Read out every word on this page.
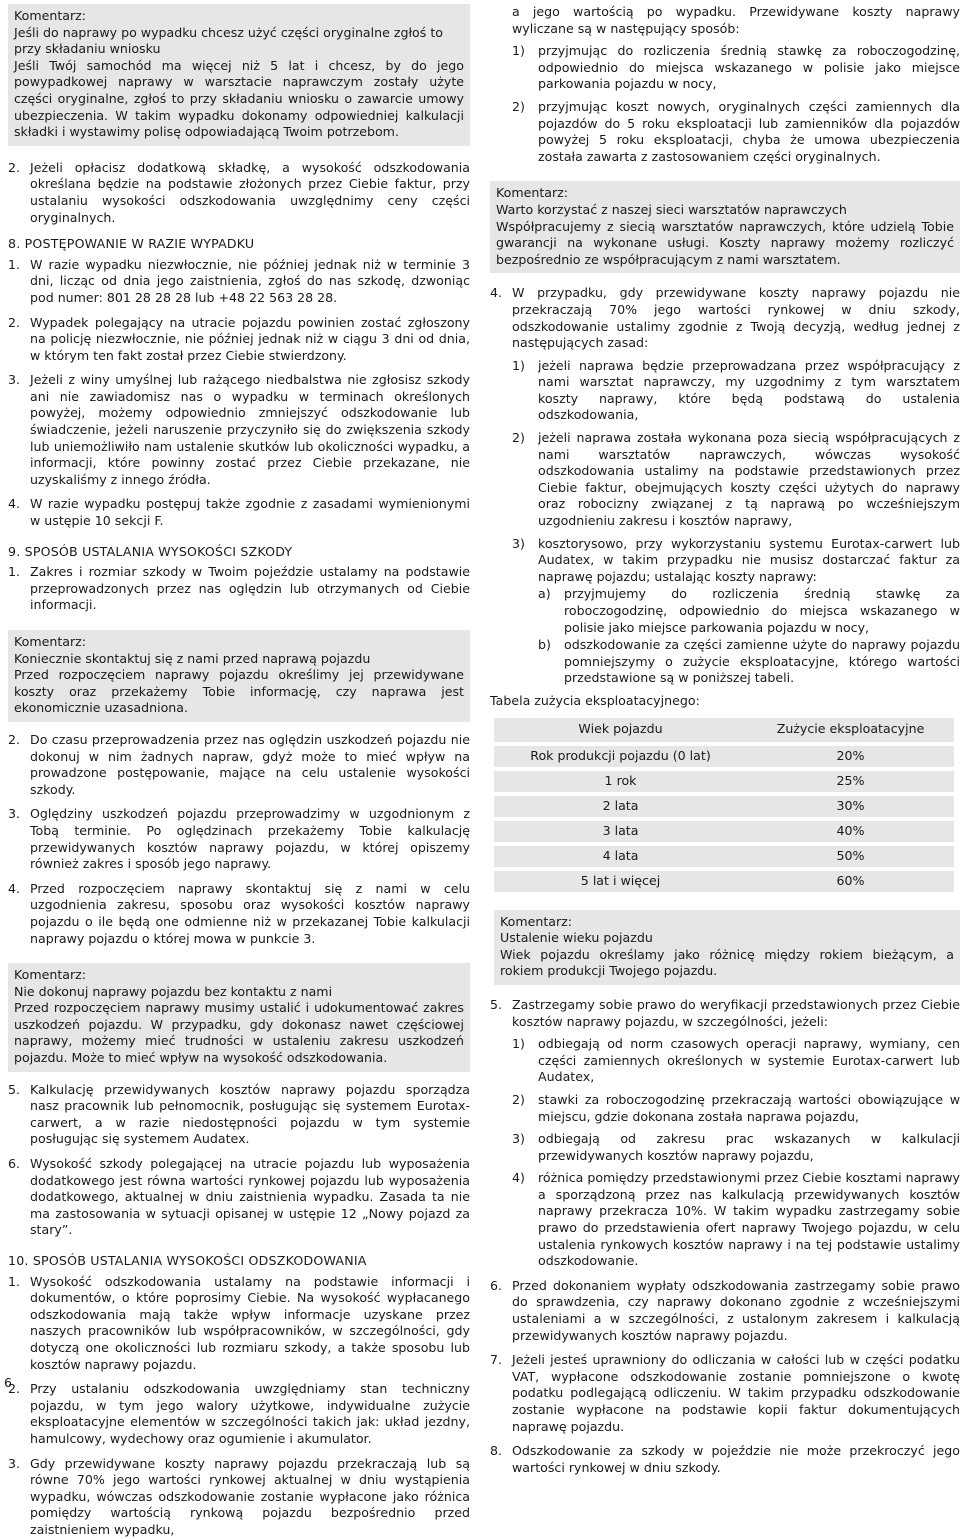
Komentarz:
Jeśli do naprawy po wypadku chcesz użyć części oryginalne zgłoś to przy składaniu wniosku

Jeśli Twój samochód ma więcej niż 5 lat i chcesz, by do jego powypadkowej naprawy w warsztacie naprawczym zostały użyte części oryginalne, zgłoś to przy składaniu wniosku o zawarcie umowy ubezpieczenia. W takim wypadku dokonamy odpowiedniej kalkulacji składki i wystawimy polisę odpowiadającą Twoim potrzebom.

2. Jeżeli opłacisz dodatkową składkę, a wysokość odszkodowania określana będzie na podstawie złożonych przez Ciebie faktur, przy ustalaniu wysokości odszkodowania uwzględnimy ceny części oryginalnych.
8. POSTĘPOWANIE W RAZIE WYPADKU
1. W razie wypadku niezwłocznie, nie później jednak niż w terminie 3 dni, licząc od dnia jego zaistnienia, zgłoś do nas szkodę, dzwoniąc pod numer: 801 28 28 28 lub +48 22 563 28 28.
2. Wypadek polegający na utracie pojazdu powinien zostać zgłoszony na policję niezwłocznie, nie później jednak niż w ciągu 3 dni od dnia, w którym ten fakt został przez Ciebie stwierdzony.
3. Jeżeli z winy umyślnej lub rażącego niedbalstwa nie zgłosisz szkody ani nie zawiadomisz nas o wypadku w terminach określonych powyżej, możemy odpowiednio zmniejszyć odszkodowanie lub świadczenie, jeżeli naruszenie przyczyniło się do zwiększenia szkody lub uniemożliwiło nam ustalenie skutków lub okoliczności wypadku, a informacji, które powinny zostać przez Ciebie przekazane, nie uzyskaliśmy z innego źródła.
4. W razie wypadku postępuj także zgodnie z zasadami wymienionymi w ustępie 10 sekcji F.
9. SPOSÓB USTALANIA WYSOKOŚCI SZKODY
1. Zakres i rozmiar szkody w Twoim pojeździe ustalamy na podstawie przeprowadzonych przez nas oględzin lub otrzymanych od Ciebie informacji.
Komentarz:
Koniecznie skontaktuj się z nami przed naprawą pojazdu

Przed rozpoczęciem naprawy pojazdu określimy jej przewidywane koszty oraz przekażemy Tobie informację, czy naprawa jest ekonomicznie uzasadniona.

2. Do czasu przeprowadzenia przez nas oględzin uszkodzeń pojazdu nie dokonuj w nim żadnych napraw, gdyż może to mieć wpływ na prowadzone postępowanie, mające na celu ustalenie wysokości szkody.
3. Oględziny uszkodzeń pojazdu przeprowadzimy w uzgodnionym z Tobą terminie. Po oględzinach przekażemy Tobie kalkulację przewidywanych kosztów naprawy pojazdu, w której opiszemy również zakres i sposób jego naprawy.
4. Przed rozpoczęciem naprawy skontaktuj się z nami w celu uzgodnienia zakresu, sposobu oraz wysokości kosztów naprawy pojazdu o ile będą one odmienne niż w przekazanej Tobie kalkulacji naprawy pojazdu o której mowa w punkcie 3.
Komentarz:
Nie dokonuj naprawy pojazdu bez kontaktu z nami

Przed rozpoczęciem naprawy musimy ustalić i udokumentować zakres uszkodzeń pojazdu. W przypadku, gdy dokonasz nawet częściowej naprawy, możemy mieć trudności w ustaleniu zakresu uszkodzeń pojazdu. Może to mieć wpływ na wysokość odszkodowania.

5. Kalkulację przewidywanych kosztów naprawy pojazdu sporządza nasz pracownik lub pełnomocnik, posługując się systemem Eurotax-carwert, a w razie niedostępności pojazdu w tym systemie posługując się systemem Audatex.
6. Wysokość szkody polegającej na utracie pojazdu lub wyposażenia dodatkowego jest równa wartości rynkowej pojazdu lub wyposażenia dodatkowego, aktualnej w dniu zaistnienia wypadku. Zasada ta nie ma zastosowania w sytuacji opisanej w ustępie 12 „Nowy pojazd za stary”.
10. SPOSÓB USTALANIA WYSOKOŚCI ODSZKODOWANIA
1. Wysokość odszkodowania ustalamy na podstawie informacji i dokumentów, o które poprosimy Ciebie. Na wysokość wypłacanego odszkodowania mają także wpływ informacje uzyskane przez naszych pracowników lub współpracowników, w szczególności, gdy dotyczą one okoliczności lub rozmiaru szkody, a także sposobu lub kosztów naprawy pojazdu.
2. Przy ustalaniu odszkodowania uwzględniamy stan techniczny pojazdu, w tym jego walory użytkowe, indywidualne zużycie eksploatacyjne elementów w szczególności takich jak: układ jezdny, hamulcowy, wydechowy oraz ogumienie i akumulator.
3. Gdy przewidywane koszty naprawy pojazdu przekraczają lub są równe 70% jego wartości rynkowej aktualnej w dniu wystąpienia wypadku, wówczas odszkodowanie zostanie wypłacone jako różnica pomiędzy wartością rynkową pojazdu bezpośrednio przed zaistnieniem wypadku,

a jego wartością po wypadku. Przewidywane koszty naprawy wyliczane są w następujący sposób:

1)	przyjmując do rozliczenia średnią stawkę za roboczogodzinę, odpowiednio do miejsca wskazanego w polisie jako miejsce parkowania pojazdu w nocy,
2)	przyjmując koszt nowych, oryginalnych części zamiennych dla pojazdów do 5 roku eksploatacji lub zamienników dla pojazdów powyżej 5 roku eksploatacji, chyba że umowa ubezpieczenia została zawarta z zastosowaniem części oryginalnych.
Komentarz:
Warto korzystać z naszej sieci warsztatów naprawczych

Współpracujemy z siecią warsztatów naprawczych, które udzielą Tobie gwarancji na wykonane usługi. Koszty naprawy możemy rozliczyć bezpośrednio ze współpracującym z nami warsztatem.

4. W przypadku, gdy przewidywane koszty naprawy pojazdu nie przekraczają 70% jego wartości rynkowej w dniu szkody, odszkodowanie ustalimy zgodnie z Twoją decyzją, według jednej z następujących zasad:
1)	jeżeli naprawa będzie przeprowadzana przez współpracujący z nami warsztat naprawczy, my uzgodnimy z tym warsztatem koszty naprawy, które będą podstawą do ustalenia odszkodowania,
2)	jeżeli naprawa została wykonana poza siecią współpracujących z nami warsztatów naprawczych, wówczas wysokość odszkodowania ustalimy na podstawie przedstawionych przez Ciebie faktur, obejmujących koszty części użytych do naprawy oraz robocizny związanej z tą naprawą po wcześniejszym uzgodnieniu zakresu i kosztów naprawy,
3)	kosztorysowo, przy wykorzystaniu systemu Eurotax-carwert lub Audatex, w takim przypadku nie musisz dostarczać faktur za naprawę pojazdu; ustalając koszty naprawy:
a)	przyjmujemy do rozliczenia średnią stawkę za roboczogodzinę, odpowiednio do miejsca wskazanego w polisie jako miejsce parkowania pojazdu w nocy,
b)	odszkodowanie za części zamienne użyte do naprawy pojazdu pomniejszymy o zużycie eksploatacyjne, którego wartości przedstawione są w poniższej tabeli.
Tabela zużycia eksploatacyjnego:
Wiek pojazdu	Zużycie eksploatacyjne
Rok produkcji pojazdu (0 lat)	20%
1 rok	25%
2 lata	30%
3 lata	40%
4 lata	50%
5 lat i więcej	60%
Komentarz:
Ustalenie wieku pojazdu

Wiek pojazdu określamy jako różnicę między rokiem bieżącym, a rokiem produkcji Twojego pojazdu.

5. Zastrzegamy sobie prawo do weryfikacji przedstawionych przez Ciebie kosztów naprawy pojazdu, w szczególności, jeżeli:
1)	odbiegają od norm czasowych operacji naprawy, wymiany, cen części zamiennych określonych w systemie Eurotax-carwert lub Audatex,
2)	stawki za roboczogodzinę przekraczają wartości obowiązujące w miejscu, gdzie dokonana została naprawa pojazdu,
3)	odbiegają od zakresu prac wskazanych w kalkulacji przewidywanych kosztów naprawy pojazdu,
4)	różnica pomiędzy przedstawionymi przez Ciebie kosztami naprawy a sporządzoną przez nas kalkulacją przewidywanych kosztów naprawy przekracza 10%. W takim wypadku zastrzegamy sobie prawo do przedstawienia ofert naprawy Twojego pojazdu, w celu ustalenia rynkowych kosztów naprawy i na tej podstawie ustalimy odszkodowanie.
6. Przed dokonaniem wypłaty odszkodowania zastrzegamy sobie prawo do sprawdzenia, czy naprawy dokonano zgodnie z wcześniejszymi ustaleniami a w szczególności, z ustalonym zakresem i kalkulacją przewidywanych kosztów naprawy pojazdu.
7. Jeżeli jesteś uprawniony do odliczania w całości lub w części podatku VAT, wypłacone odszkodowanie zostanie pomniejszone o kwotę podatku podlegającą odliczeniu. W takim przypadku odszkodowanie zostanie wypłacone na podstawie kopii faktur dokumentujących naprawę pojazdu.
8. Odszkodowanie za szkody w pojeździe nie może przekroczyć jego wartości rynkowej w dniu szkody.
6
